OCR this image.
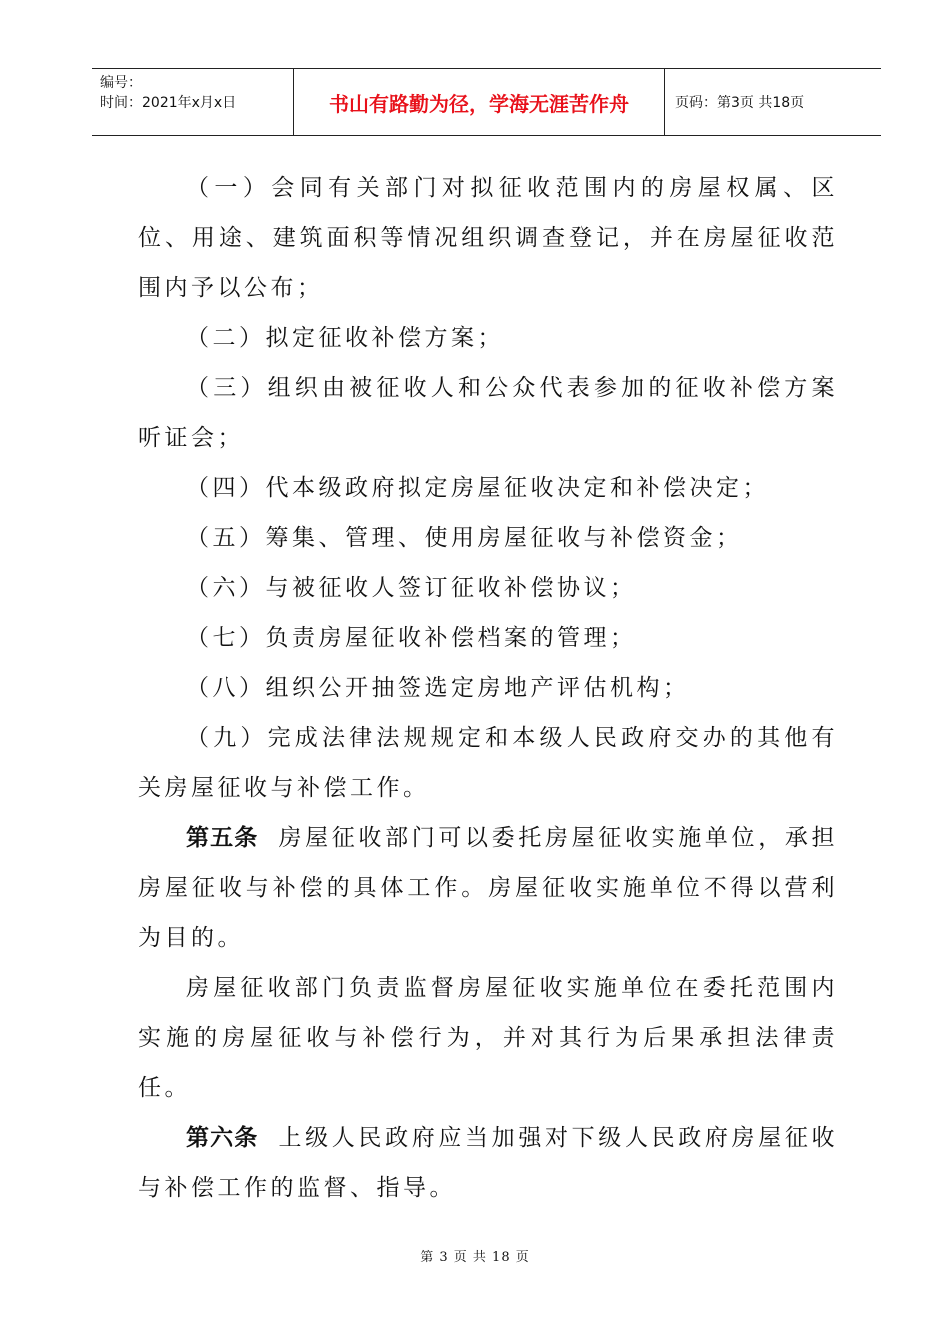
编号：
时间：2021年x月x日	书山有路勤为径，学海无涯苦作舟	页码：第3页 共18页

（一）会同有关部门对拟征收范围内的房屋权属、区位、用途、建筑面积等情况组织调查登记，并在房屋征收范围内予以公布；

（二）拟定征收补偿方案；

（三）组织由被征收人和公众代表参加的征收补偿方案听证会；

（四）代本级政府拟定房屋征收决定和补偿决定；

（五）筹集、管理、使用房屋征收与补偿资金；

（六）与被征收人签订征收补偿协议；

（七）负责房屋征收补偿档案的管理；

（八）组织公开抽签选定房地产评估机构；

（九）完成法律法规规定和本级人民政府交办的其他有关房屋征收与补偿工作。

第五条 房屋征收部门可以委托房屋征收实施单位，承担房屋征收与补偿的具体工作。房屋征收实施单位不得以营利为目的。

房屋征收部门负责监督房屋征收实施单位在委托范围内实施的房屋征收与补偿行为，并对其行为后果承担法律责任。

第六条 上级人民政府应当加强对下级人民政府房屋征收与补偿工作的监督、指导。

第 3 页 共 18 页
